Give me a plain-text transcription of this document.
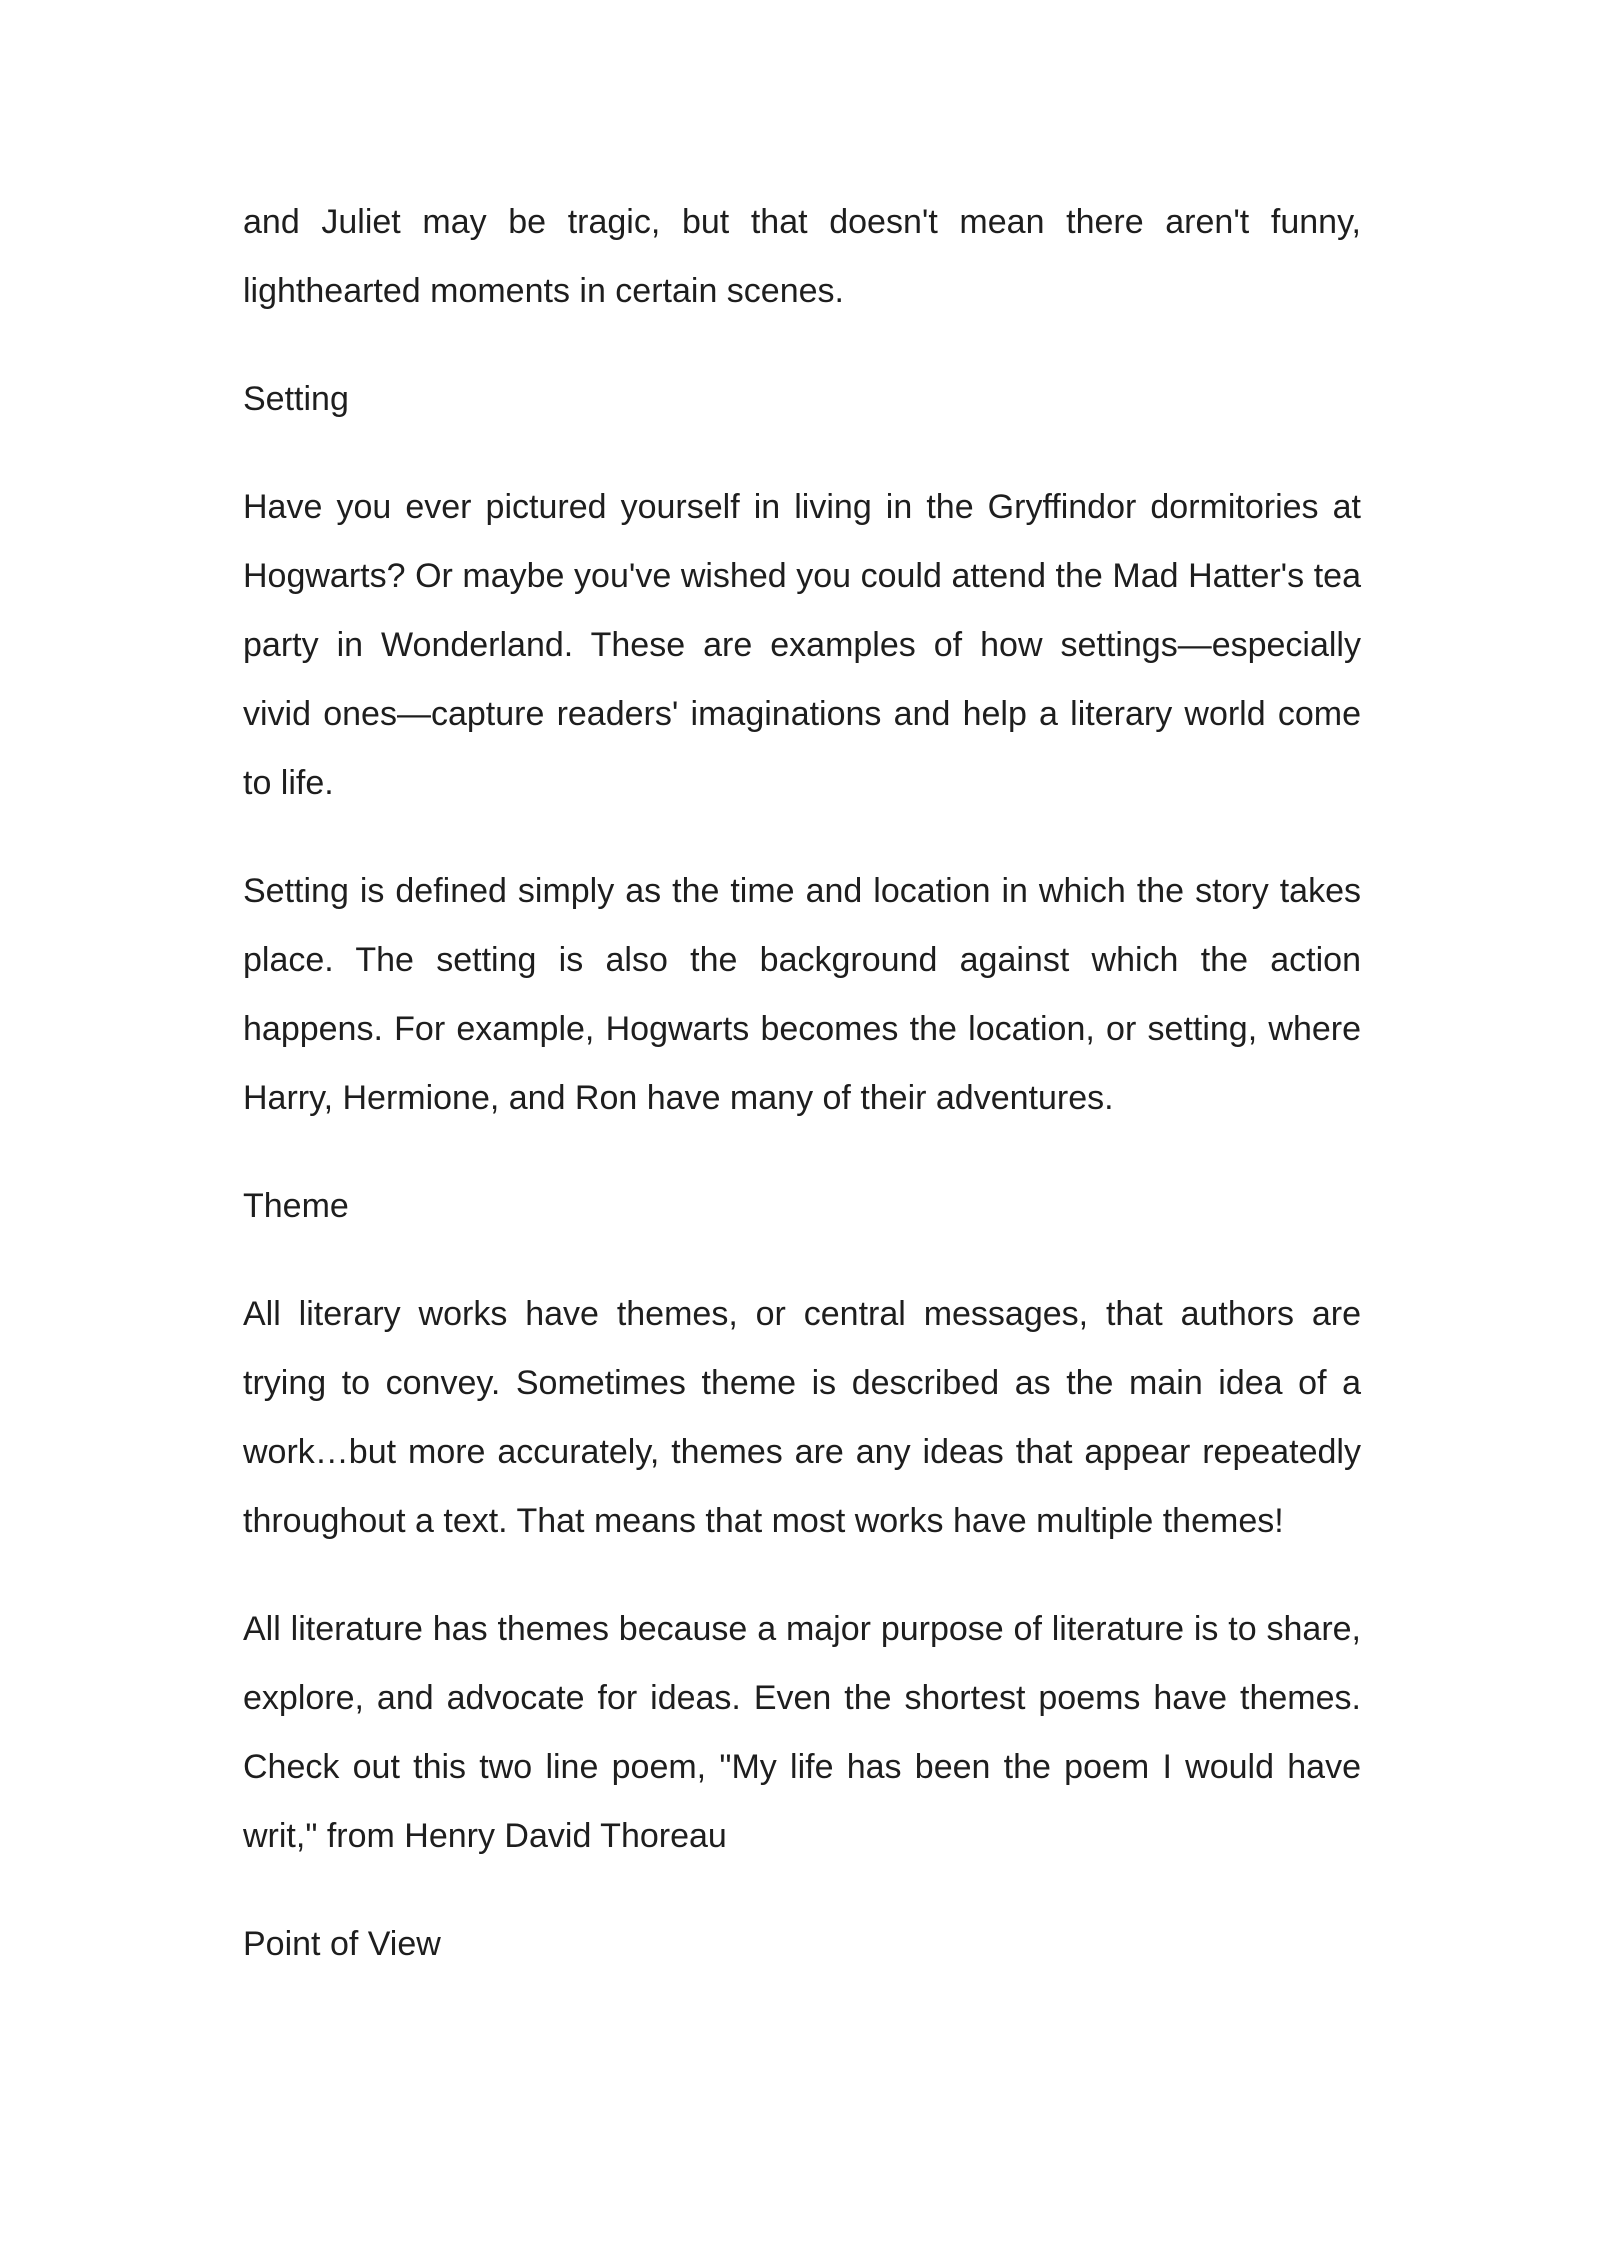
and Juliet may be tragic, but that doesn't mean there aren't funny, lighthearted moments in certain scenes.

Setting

Have you ever pictured yourself in living in the Gryffindor dormitories at Hogwarts? Or maybe you've wished you could attend the Mad Hatter's tea party in Wonderland. These are examples of how settings—especially vivid ones—capture readers' imaginations and help a literary world come to life.

Setting is defined simply as the time and location in which the story takes place. The setting is also the background against which the action happens. For example, Hogwarts becomes the location, or setting, where Harry, Hermione, and Ron have many of their adventures.

Theme

All literary works have themes, or central messages, that authors are trying to convey. Sometimes theme is described as the main idea of a work…but more accurately, themes are any ideas that appear repeatedly throughout a text. That means that most works have multiple themes!

All literature has themes because a major purpose of literature is to share, explore, and advocate for ideas. Even the shortest poems have themes. Check out this two line poem, "My life has been the poem I would have writ," from Henry David Thoreau

Point of View
